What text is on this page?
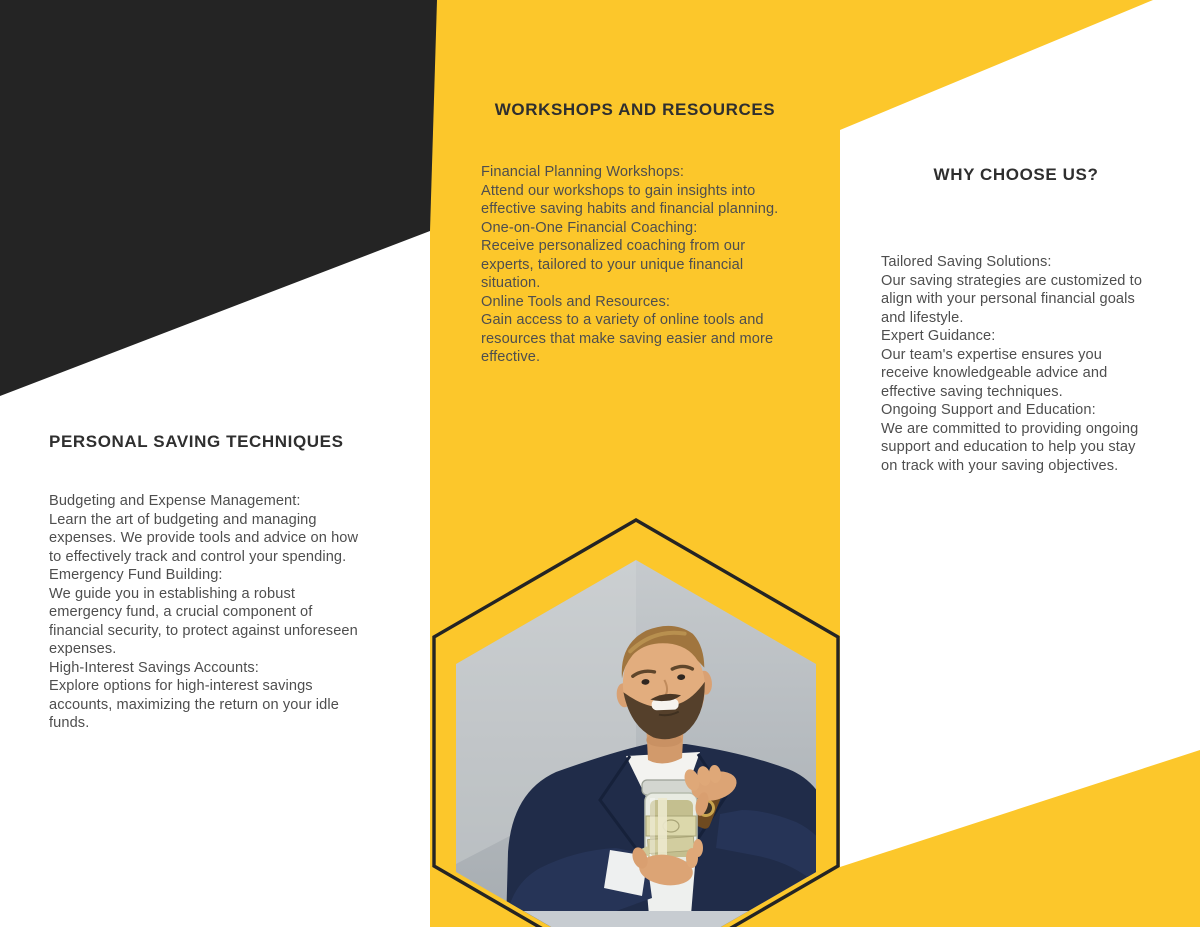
PERSONAL SAVING TECHNIQUES

Budgeting and Expense Management:
Learn the art of budgeting and managing expenses. We provide tools and advice on how to effectively track and control your spending.

Emergency Fund Building:
We guide you in establishing a robust emergency fund, a crucial component of financial security, to protect against unforeseen expenses.

High-Interest Savings Accounts:
Explore options for high-interest savings accounts, maximizing the return on your idle funds.

WORKSHOPS AND RESOURCES

Financial Planning Workshops:
Attend our workshops to gain insights into effective saving habits and financial planning.

One-on-One Financial Coaching:
Receive personalized coaching from our experts, tailored to your unique financial situation.

Online Tools and Resources:
Gain access to a variety of online tools and resources that make saving easier and more effective.

WHY CHOOSE US?

Tailored Saving Solutions:
Our saving strategies are customized to align with your personal financial goals and lifestyle.

Expert Guidance:
Our team's expertise ensures you receive knowledgeable advice and effective saving techniques.

Ongoing Support and Education:
We are committed to providing ongoing support and education to help you stay on track with your saving objectives.
